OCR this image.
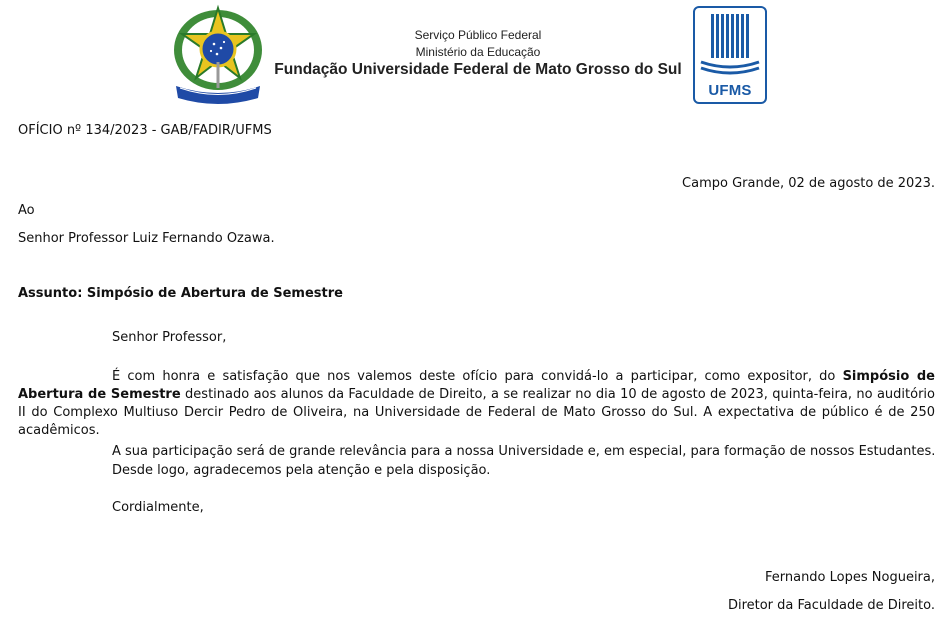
Serviço Público Federal
Ministério da Educação
Fundação Universidade Federal de Mato Grosso do Sul
UFMS
OFÍCIO nº 134/2023 - GAB/FADIR/UFMS
Campo Grande, 02 de agosto de 2023.
Ao
Senhor Professor Luiz Fernando Ozawa.
Assunto: Simpósio de Abertura de Semestre
Senhor Professor,
É com honra e satisfação que nos valemos deste ofício para convidá-lo a participar, como expositor, do Simpósio de Abertura de Semestre destinado aos alunos da Faculdade de Direito, a se realizar no dia 10 de agosto de 2023, quinta-feira, no auditório II do Complexo Multiuso Dercir Pedro de Oliveira, na Universidade de Federal de Mato Grosso do Sul. A expectativa de público é de 250 acadêmicos.
A sua participação será de grande relevância para a nossa Universidade e, em especial, para formação de nossos Estudantes.
Desde logo, agradecemos pela atenção e pela disposição.
Cordialmente,
Fernando Lopes Nogueira,
Diretor da Faculdade de Direito.
